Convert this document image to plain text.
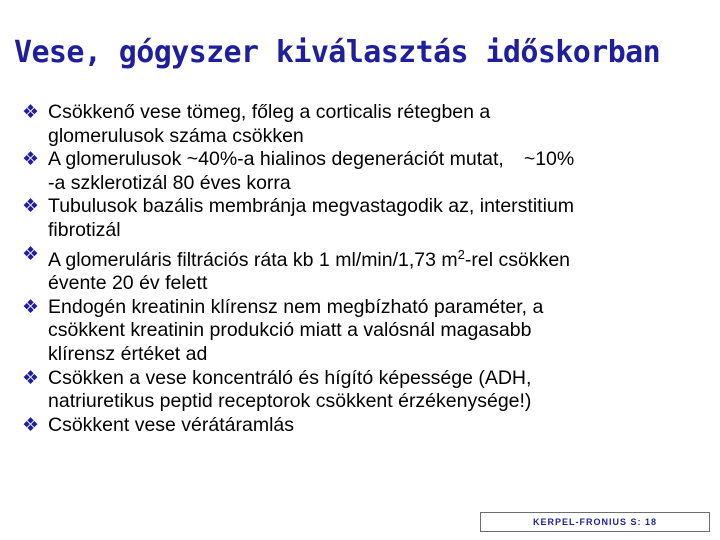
Vese, gógyszer kiválasztás időskorban
❖ Csökkenő vese tömeg, főleg a corticalis rétegben a
glomerulusok száma csökken
❖ A glomerulusok ~40%-a hialinos degenerációt mutat, ~10%
-a szklerotizál 80 éves korra
❖ Tubulusok bazális membránja megvastagodik az, interstitium
fibrotizál
❖ A glomeruláris filtrációs ráta kb 1 ml/min/1,73 $m^2$-rel csökken
évente 20 év felett
❖ Endogén kreatinin klírensz nem megbízható paraméter, a
csökkent kreatinin produkció miatt a valósnál magasabb
klírensz értéket ad
❖ Csökken a vese koncentráló és hígító képessége (ADH,
natriuretikus peptid receptorok csökkent érzékenysége!)
❖ Csökkent vese vérátáramlás
KERPEL-FRONIUS S: 18
